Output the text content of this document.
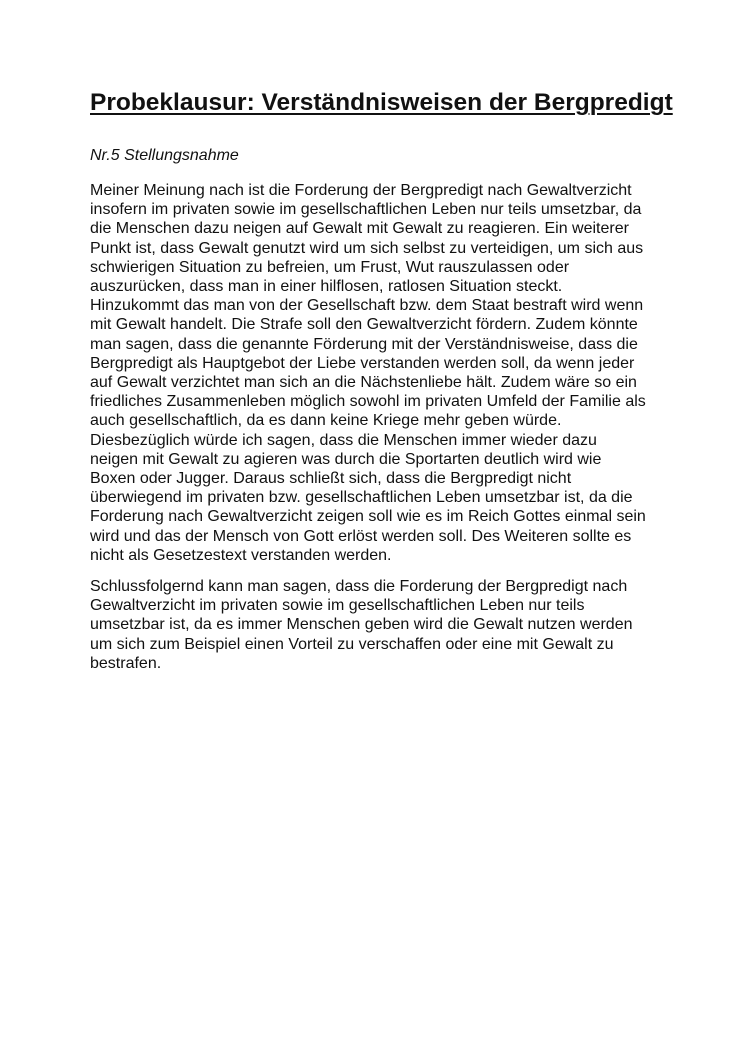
Probeklausur: Verständnisweisen der Bergpredigt

Nr.5 Stellungsnahme

Meiner Meinung nach ist die Forderung der Bergpredigt nach Gewaltverzicht
insofern im privaten sowie im gesellschaftlichen Leben nur teils umsetzbar, da
die Menschen dazu neigen auf Gewalt mit Gewalt zu reagieren. Ein weiterer
Punkt ist, dass Gewalt genutzt wird um sich selbst zu verteidigen, um sich aus
schwierigen Situation zu befreien, um Frust, Wut rauszulassen oder
auszurücken, dass man in einer hilflosen, ratlosen Situation steckt.
Hinzukommt das man von der Gesellschaft bzw. dem Staat bestraft wird wenn
mit Gewalt handelt. Die Strafe soll den Gewaltverzicht fördern. Zudem könnte
man sagen, dass die genannte Förderung mit der Verständnisweise, dass die
Bergpredigt als Hauptgebot der Liebe verstanden werden soll, da wenn jeder
auf Gewalt verzichtet man sich an die Nächstenliebe hält. Zudem wäre so ein
friedliches Zusammenleben möglich sowohl im privaten Umfeld der Familie als
auch gesellschaftlich, da es dann keine Kriege mehr geben würde.
Diesbezüglich würde ich sagen, dass die Menschen immer wieder dazu
neigen mit Gewalt zu agieren was durch die Sportarten deutlich wird wie
Boxen oder Jugger. Daraus schließt sich, dass die Bergpredigt nicht
überwiegend im privaten bzw. gesellschaftlichen Leben umsetzbar ist, da die
Forderung nach Gewaltverzicht zeigen soll wie es im Reich Gottes einmal sein
wird und das der Mensch von Gott erlöst werden soll. Des Weiteren sollte es
nicht als Gesetzestext verstanden werden.

Schlussfolgernd kann man sagen, dass die Forderung der Bergpredigt nach
Gewaltverzicht im privaten sowie im gesellschaftlichen Leben nur teils
umsetzbar ist, da es immer Menschen geben wird die Gewalt nutzen werden
um sich zum Beispiel einen Vorteil zu verschaffen oder eine mit Gewalt zu
bestrafen.
